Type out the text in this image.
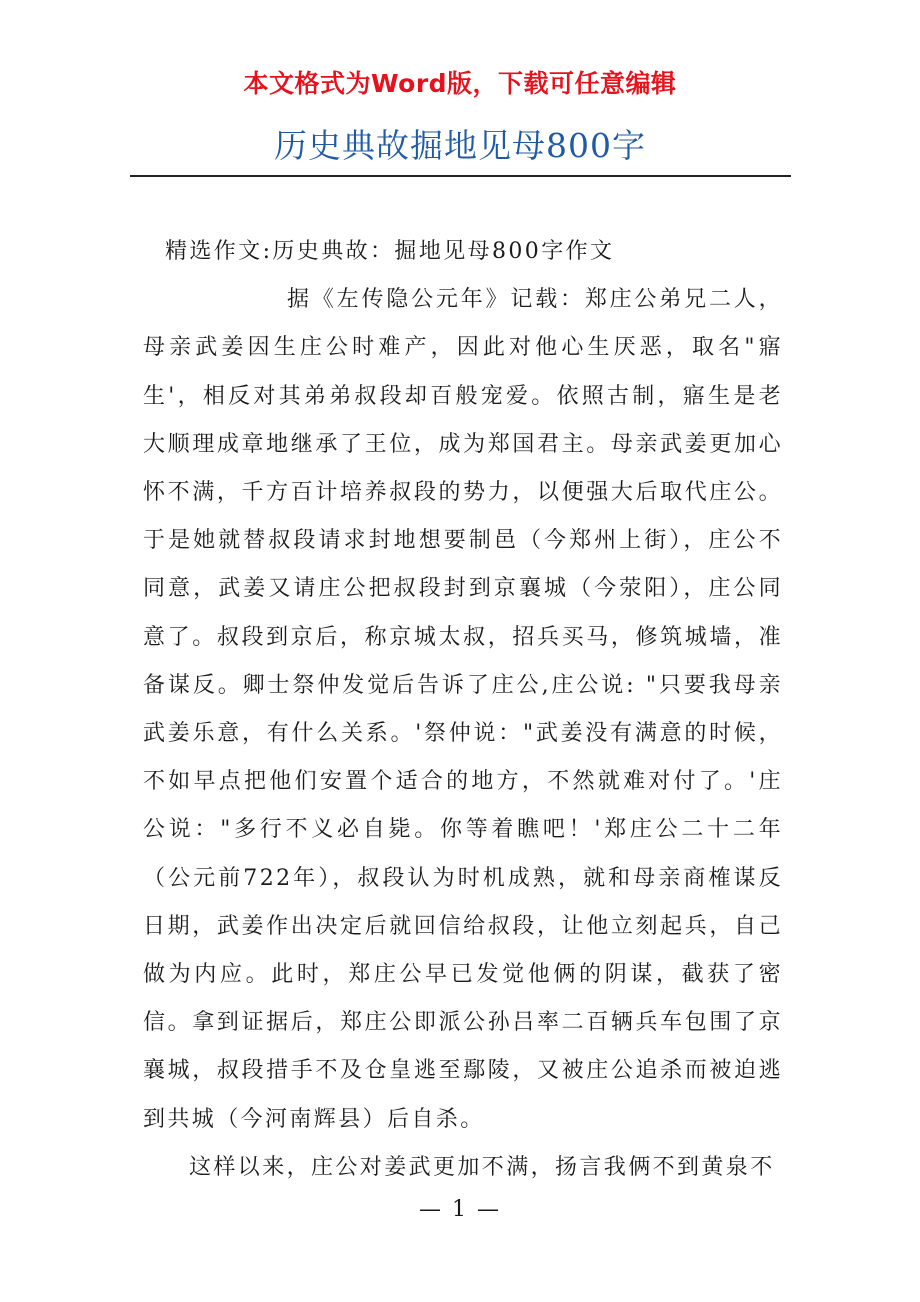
本文格式为Word版，下载可任意编辑
历史典故掘地见母800字

精选作文:历史典故：掘地见母800字作文

据《左传隐公元年》记载：郑庄公弟兄二人，母亲武姜因生庄公时难产，因此对他心生厌恶，取名"寤生'，相反对其弟弟叔段却百般宠爱。依照古制，寤生是老大顺理成章地继承了王位，成为郑国君主。母亲武姜更加心怀不满，千方百计培养叔段的势力，以便强大后取代庄公。于是她就替叔段请求封地想要制邑（今郑州上街），庄公不同意，武姜又请庄公把叔段封到京襄城（今荥阳），庄公同意了。叔段到京后，称京城太叔，招兵买马，修筑城墙，准备谋反。卿士祭仲发觉后告诉了庄公,庄公说: "只要我母亲武姜乐意，有什么关系。'祭仲说："武姜没有满意的时候，不如早点把他们安置个适合的地方，不然就难对付了。'庄公说："多行不义必自毙。你等着瞧吧！'郑庄公二十二年（公元前722年），叔段认为时机成熟，就和母亲商榷谋反日期，武姜作出决定后就回信给叔段，让他立刻起兵，自己做为内应。此时，郑庄公早已发觉他俩的阴谋，截获了密信。拿到证据后，郑庄公即派公孙吕率二百辆兵车包围了京襄城，叔段措手不及仓皇逃至鄢陵，又被庄公追杀而被迫逃到共城（今河南辉县）后自杀。

这样以来，庄公对姜武更加不满，扬言我俩不到黄泉不

— 1 —
